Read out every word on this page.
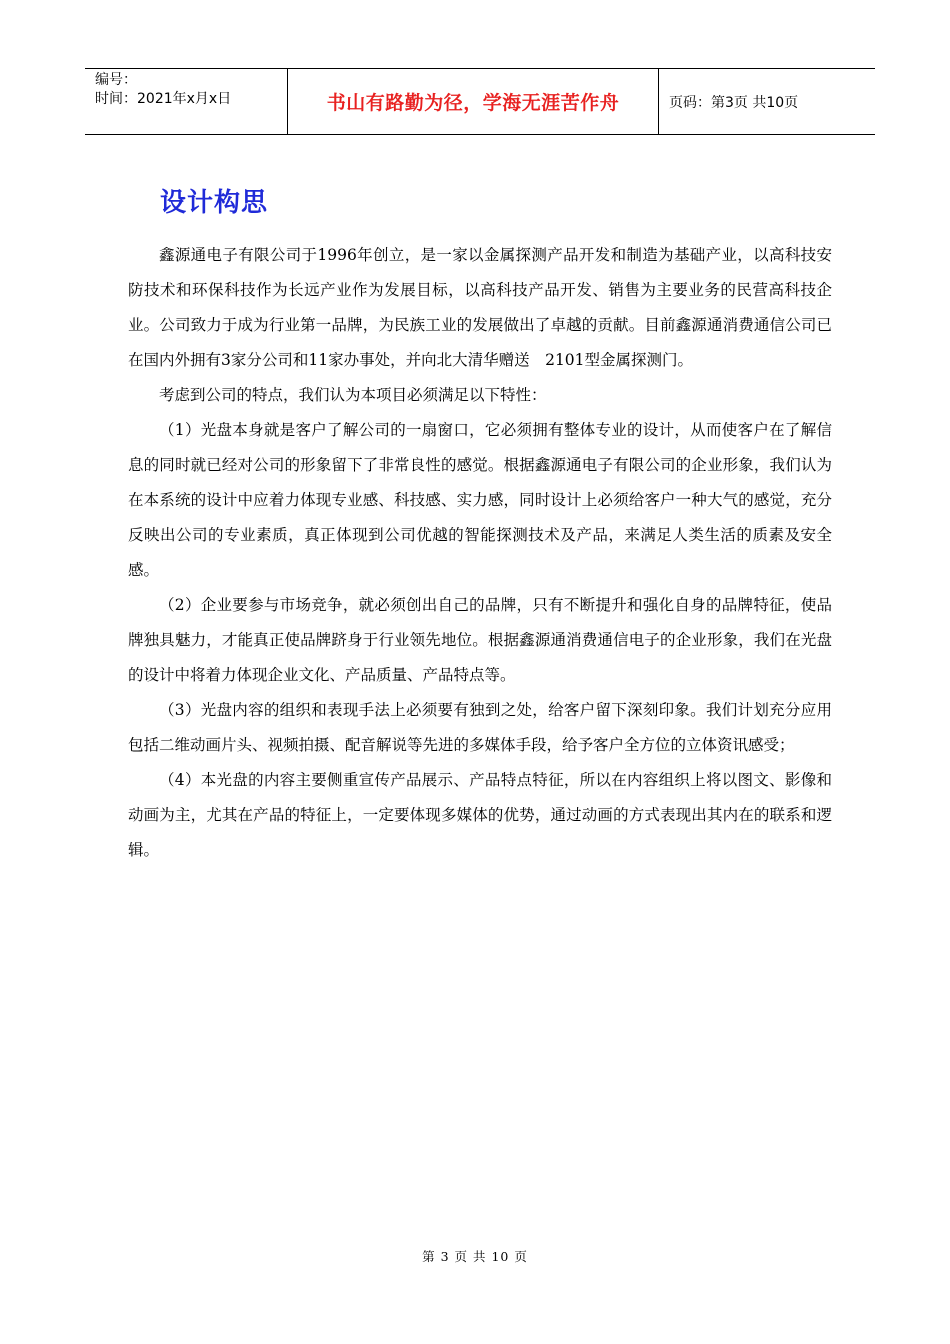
编号：
时间：2021年x月x日	书山有路勤为径，学海无涯苦作舟	页码：第3页 共10页
设计构思

鑫源通电子有限公司于1996年创立，是一家以金属探测产品开发和制造为基础产业，以高科技安防技术和环保科技作为长远产业作为发展目标，以高科技产品开发、销售为主要业务的民营高科技企业。公司致力于成为行业第一品牌，为民族工业的发展做出了卓越的贡献。目前鑫源通消费通信公司已在国内外拥有3家分公司和11家办事处，并向北大清华赠送　2101型金属探测门。

考虑到公司的特点，我们认为本项目必须满足以下特性：

（1）光盘本身就是客户了解公司的一扇窗口，它必须拥有整体专业的设计，从而使客户在了解信息的同时就已经对公司的形象留下了非常良性的感觉。根据鑫源通电子有限公司的企业形象，我们认为在本系统的设计中应着力体现专业感、科技感、实力感，同时设计上必须给客户一种大气的感觉，充分反映出公司的专业素质，真正体现到公司优越的智能探测技术及产品，来满足人类生活的质素及安全感。

（2）企业要参与市场竞争，就必须创出自己的品牌，只有不断提升和强化自身的品牌特征，使品牌独具魅力，才能真正使品牌跻身于行业领先地位。根据鑫源通消费通信电子的企业形象，我们在光盘的设计中将着力体现企业文化、产品质量、产品特点等。

（3）光盘内容的组织和表现手法上必须要有独到之处，给客户留下深刻印象。我们计划充分应用包括二维动画片头、视频拍摄、配音解说等先进的多媒体手段，给予客户全方位的立体资讯感受；

（4）本光盘的内容主要侧重宣传产品展示、产品特点特征，所以在内容组织上将以图文、影像和动画为主，尤其在产品的特征上，一定要体现多媒体的优势，通过动画的方式表现出其内在的联系和逻辑。

第 3 页 共 10 页
